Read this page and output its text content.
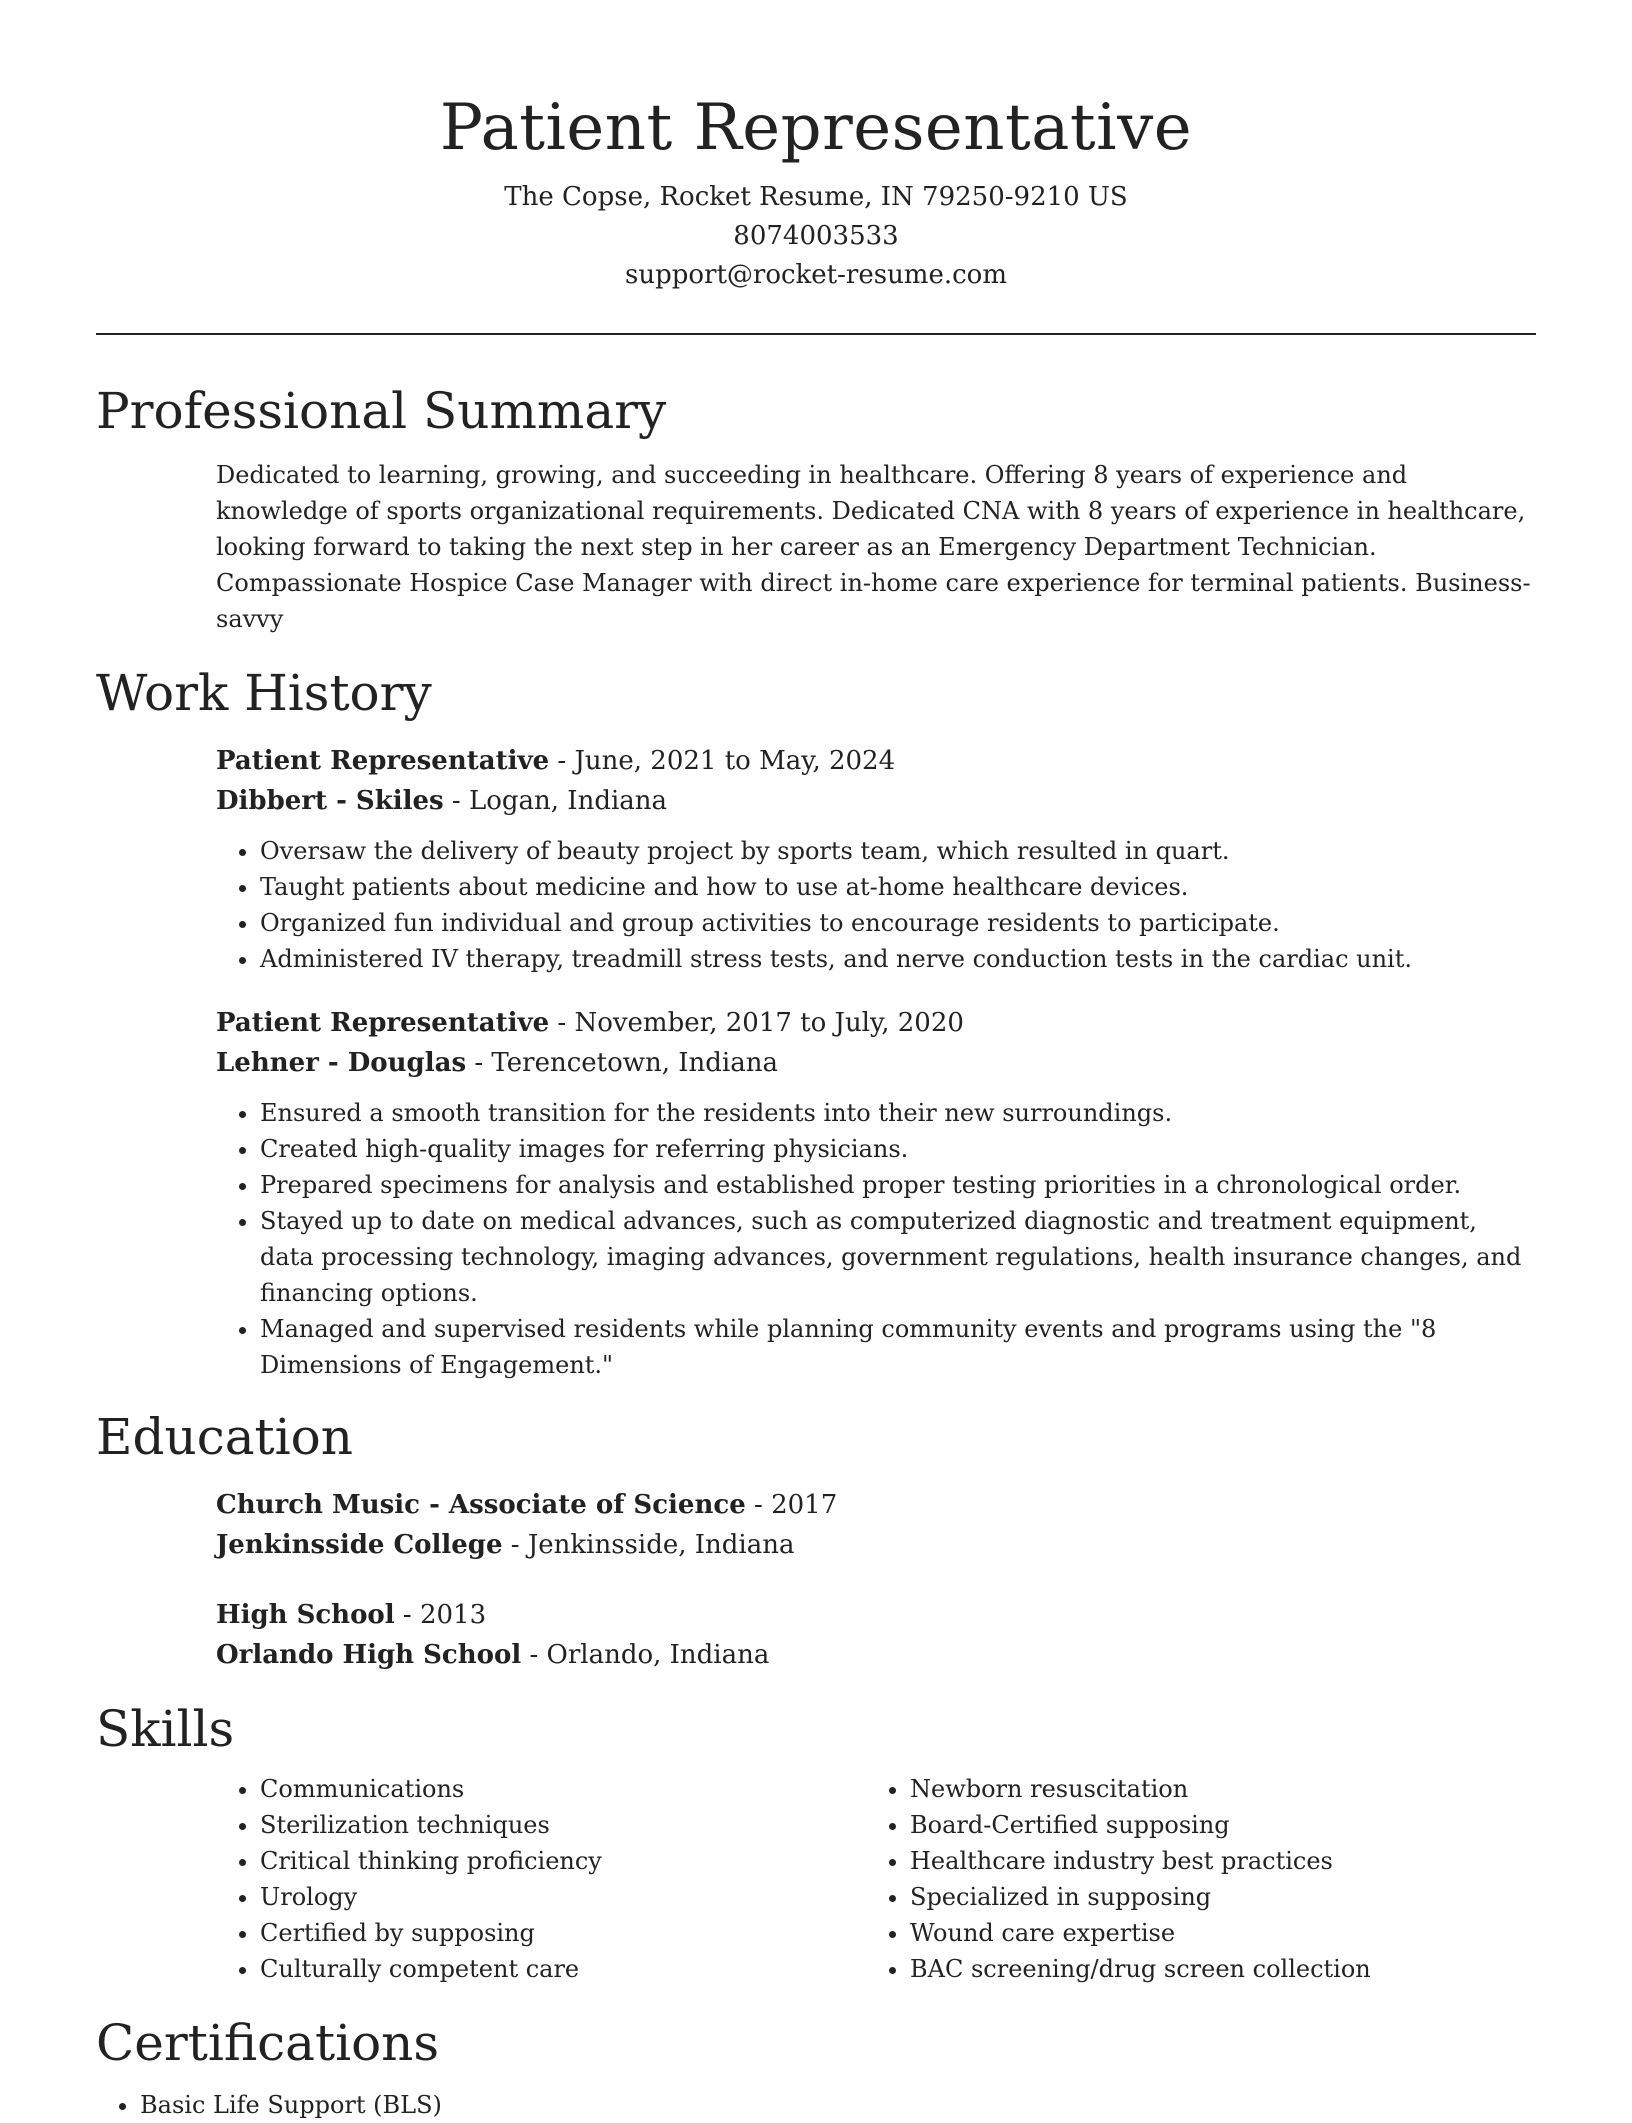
Patient Representative
The Copse, Rocket Resume, IN 79250-9210 US
8074003533
support@rocket-resume.com
Professional Summary
Dedicated to learning, growing, and succeeding in healthcare. Offering 8 years of experience and knowledge of sports organizational requirements. Dedicated CNA with 8 years of experience in healthcare, looking forward to taking the next step in her career as an Emergency Department Technician. Compassionate Hospice Case Manager with direct in-home care experience for terminal patients. Business-savvy
Work History
Patient Representative - June, 2021 to May, 2024
Dibbert - Skiles - Logan, Indiana
• Oversaw the delivery of beauty project by sports team, which resulted in quart.
• Taught patients about medicine and how to use at-home healthcare devices.
• Organized fun individual and group activities to encourage residents to participate.
• Administered IV therapy, treadmill stress tests, and nerve conduction tests in the cardiac unit.
Patient Representative - November, 2017 to July, 2020
Lehner - Douglas - Terencetown, Indiana
• Ensured a smooth transition for the residents into their new surroundings.
• Created high-quality images for referring physicians.
• Prepared specimens for analysis and established proper testing priorities in a chronological order.
• Stayed up to date on medical advances, such as computerized diagnostic and treatment equipment, data processing technology, imaging advances, government regulations, health insurance changes, and financing options.
• Managed and supervised residents while planning community events and programs using the "8 Dimensions of Engagement."
Education
Church Music - Associate of Science - 2017
Jenkinsside College - Jenkinsside, Indiana
High School - 2013
Orlando High School - Orlando, Indiana
Skills
• Communications
• Sterilization techniques
• Critical thinking proficiency
• Urology
• Certified by supposing
• Culturally competent care
• Newborn resuscitation
• Board-Certified supposing
• Healthcare industry best practices
• Specialized in supposing
• Wound care expertise
• BAC screening/drug screen collection
Certifications
• Basic Life Support (BLS)
